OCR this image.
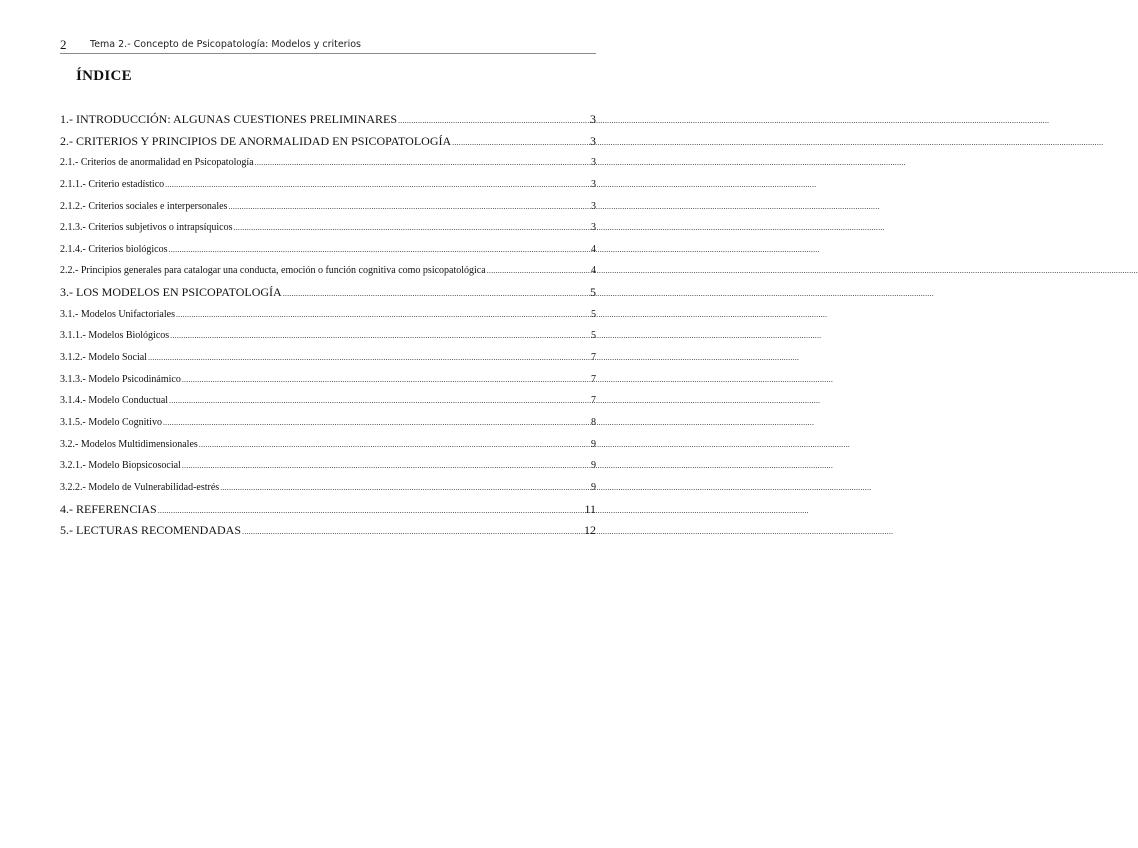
2 Tema 2.- Concepto de Psicopatología: Modelos y criterios
ÍNDICE
1.- INTRODUCCIÓN: ALGUNAS CUESTIONES PRELIMINARES .....	3
2.- CRITERIOS Y PRINCIPIOS DE ANORMALIDAD EN PSICOPATOLOGÍA .....	3
2.1.- Criterios de anormalidad en Psicopatología .....	3
2.1.1.- Criterio estadístico .....	3
2.1.2.- Criterios sociales e interpersonales .....	3
2.1.3.- Criterios subjetivos o intrapsíquicos .....	3
2.1.4.- Criterios biológicos .....	4
2.2.- Principios generales para catalogar una conducta, emoción o función cognitiva como psicopatológica .....	4
3.- LOS MODELOS EN PSICOPATOLOGÍA .....	5
3.1.- Modelos Unifactoriales .....	5
3.1.1.- Modelos Biológicos .....	5
3.1.2.- Modelo Social .....	7
3.1.3.- Modelo Psicodinámico .....	7
3.1.4.- Modelo Conductual .....	7
3.1.5.- Modelo Cognitivo .....	8
3.2.- Modelos Multidimensionales .....	9
3.2.1.- Modelo Biopsicosocial .....	9
3.2.2.- Modelo de Vulnerabilidad-estrés .....	9
4.- REFERENCIAS .....	11
5.- LECTURAS RECOMENDADAS .....	12
